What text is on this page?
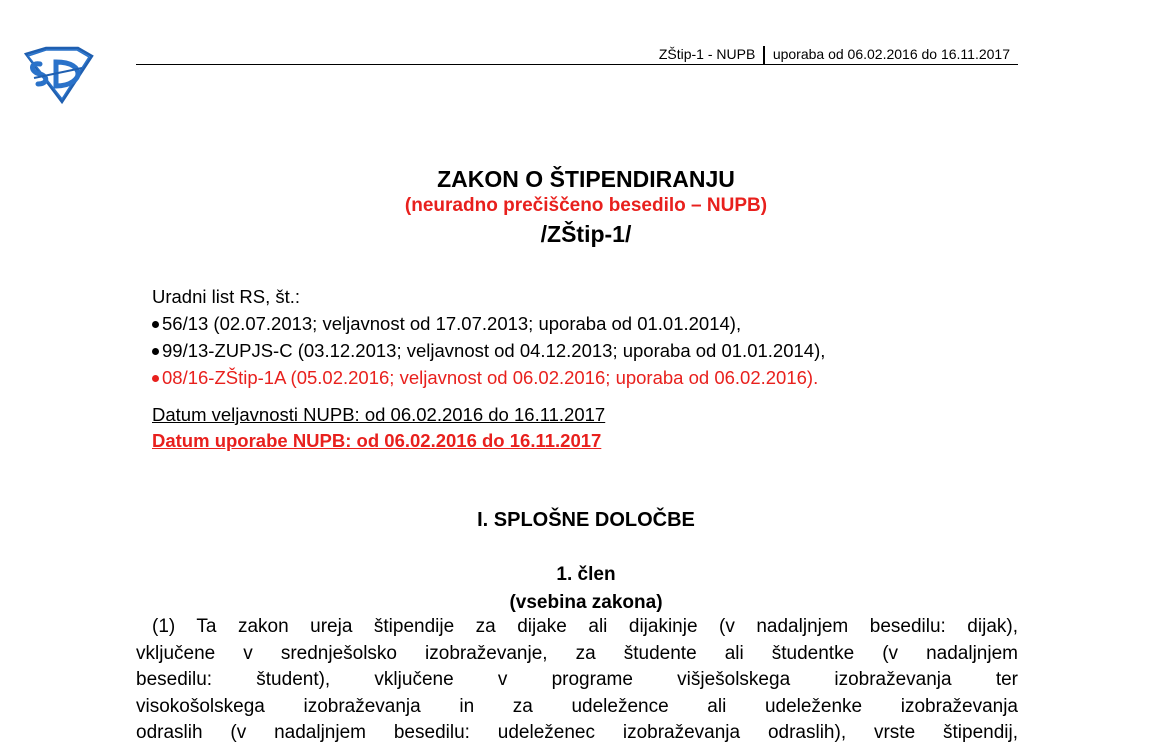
ZŠtip-1 - NUPB uporaba od 06.02.2016 do 16.11.2017
ZAKON O ŠTIPENDIRANJU
(neuradno prečiščeno besedilo – NUPB)
/ZŠtip-1/
Uradni list RS, št.:
56/13 (02.07.2013; veljavnost od 17.07.2013; uporaba od 01.01.2014),
99/13-ZUPJS-C (03.12.2013; veljavnost od 04.12.2013; uporaba od 01.01.2014),
08/16-ZŠtip-1A (05.02.2016; veljavnost od 06.02.2016; uporaba od 06.02.2016).
Datum veljavnosti NUPB: od 06.02.2016 do 16.11.2017
Datum uporabe NUPB: od 06.02.2016 do 16.11.2017
I. SPLOŠNE DOLOČBE
1. člen
(vsebina zakona)
(1) Ta zakon ureja štipendije za dijake ali dijakinje (v nadaljnjem besedilu: dijak),
vključene v srednješolsko izobraževanje, za študente ali študentke (v nadaljnjem
besedilu: študent), vključene v programe višješolskega izobraževanja ter
visokošolskega izobraževanja in za udeležence ali udeleženke izobraževanja
odraslih (v nadaljnjem besedilu: udeleženec izobraževanja odraslih), vrste štipendij,
